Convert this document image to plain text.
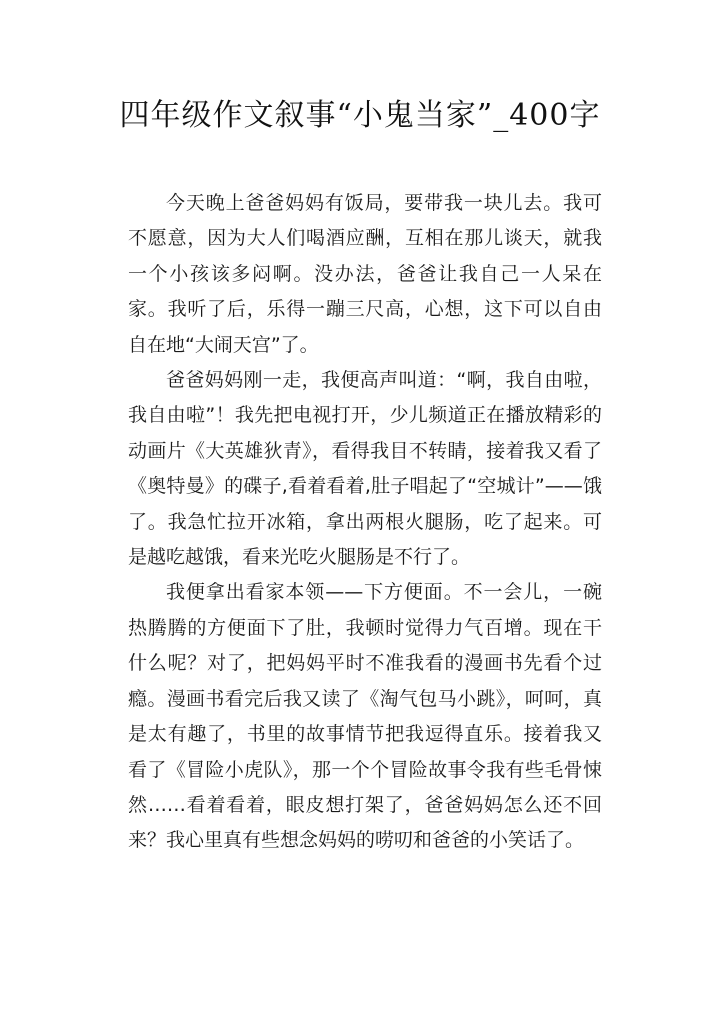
四年级作文叙事“小鬼当家”_400字

今天晚上爸爸妈妈有饭局，要带我一块儿去。我可不愿意，因为大人们喝酒应酬，互相在那儿谈天，就我一个小孩该多闷啊。没办法，爸爸让我自己一人呆在家。我听了后，乐得一蹦三尺高，心想，这下可以自由自在地“大闹天宫”了。

爸爸妈妈刚一走，我便高声叫道：“啊，我自由啦，我自由啦”！我先把电视打开，少儿频道正在播放精彩的动画片《大英雄狄青》，看得我目不转睛，接着我又看了《奥特曼》的碟子,看着看着,肚子唱起了“空城计”——饿了。我急忙拉开冰箱，拿出两根火腿肠，吃了起来。可是越吃越饿，看来光吃火腿肠是不行了。

我便拿出看家本领——下方便面。不一会儿，一碗热腾腾的方便面下了肚，我顿时觉得力气百增。现在干什么呢？对了，把妈妈平时不准我看的漫画书先看个过瘾。漫画书看完后我又读了《淘气包马小跳》，呵呵，真是太有趣了，书里的故事情节把我逗得直乐。接着我又看了《冒险小虎队》，那一个个冒险故事令我有些毛骨悚然……看着看着，眼皮想打架了，爸爸妈妈怎么还不回来？我心里真有些想念妈妈的唠叨和爸爸的小笑话了。
